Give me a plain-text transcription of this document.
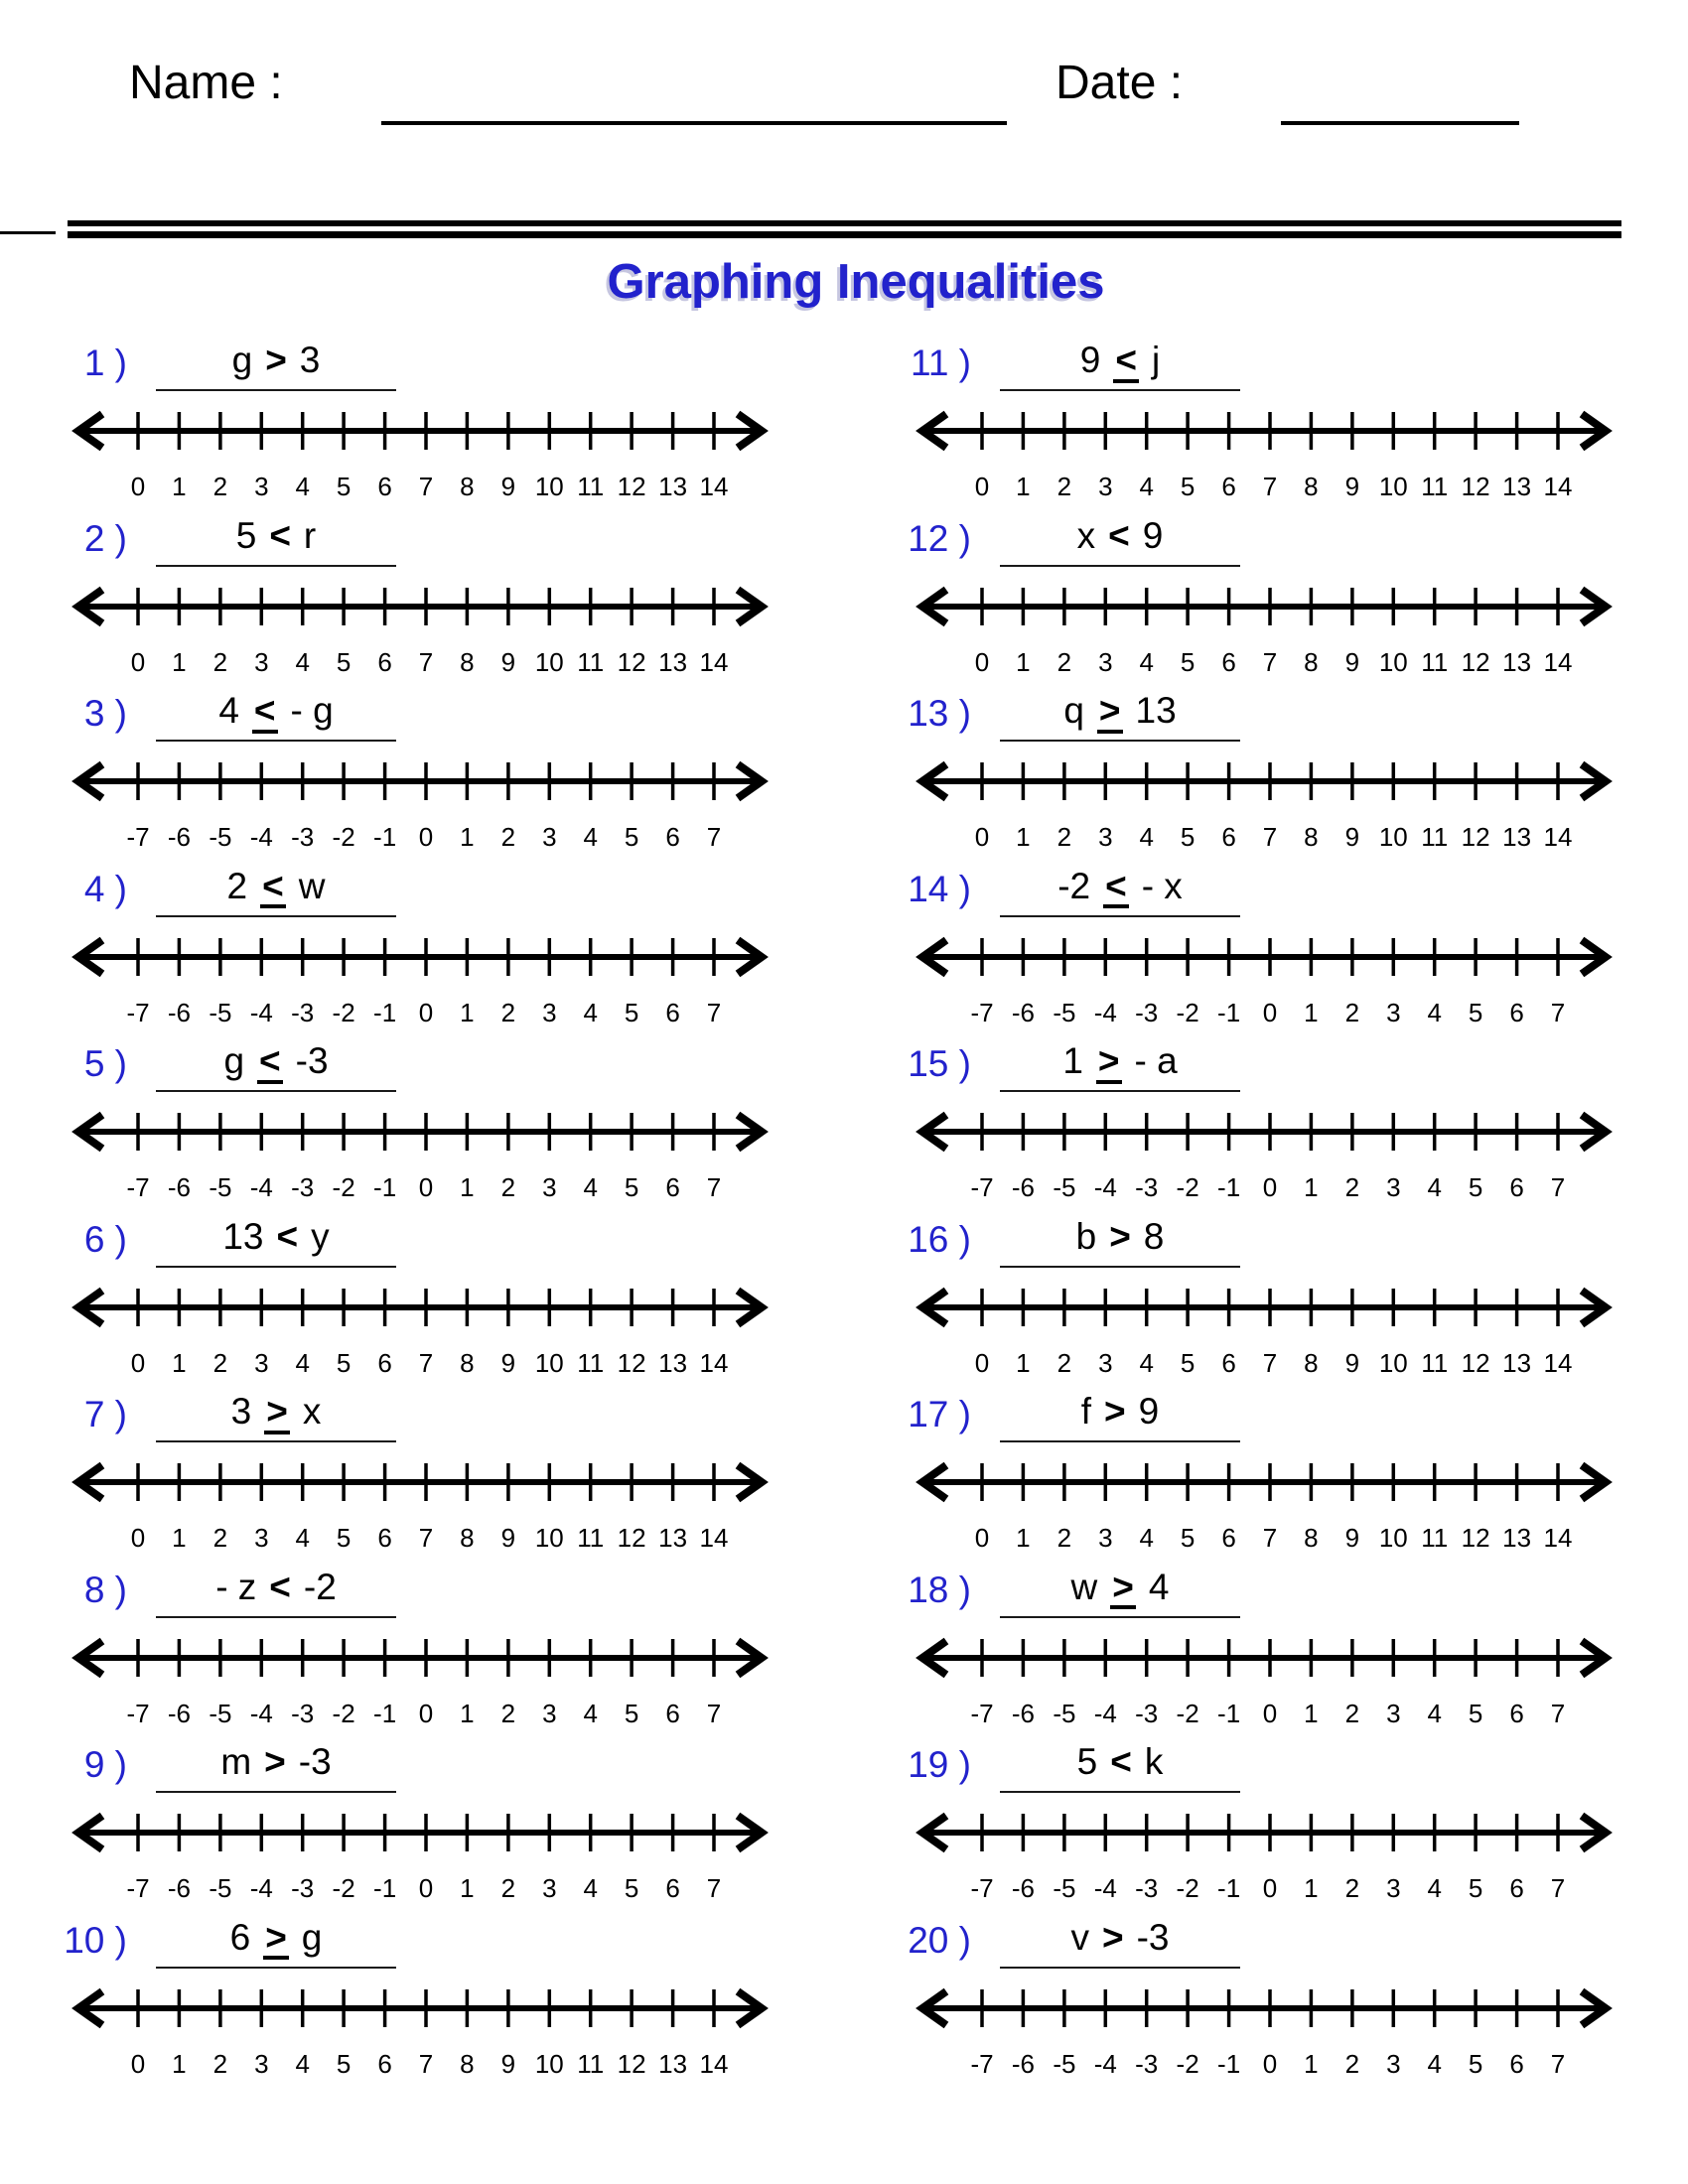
Name :	Date :
Graphing Inequalities
1 )	g > 3
0 1 2 3 4 5 6 7 8 9 10 11 12 13 14
2 )	5 < r
0 1 2 3 4 5 6 7 8 9 10 11 12 13 14
3 )	4 < - g
-7 -6 -5 -4 -3 -2 -1 0 1 2 3 4 5 6 7
4 )	2 < w
-7 -6 -5 -4 -3 -2 -1 0 1 2 3 4 5 6 7
5 )	g < -3
-7 -6 -5 -4 -3 -2 -1 0 1 2 3 4 5 6 7
6 )	13 < y
0 1 2 3 4 5 6 7 8 9 10 11 12 13 14
7 )	3 > x
0 1 2 3 4 5 6 7 8 9 10 11 12 13 14
8 )	- z < -2
-7 -6 -5 -4 -3 -2 -1 0 1 2 3 4 5 6 7
9 )	m > -3
-7 -6 -5 -4 -3 -2 -1 0 1 2 3 4 5 6 7
10 )	6 > g
0 1 2 3 4 5 6 7 8 9 10 11 12 13 14
11 )	9 < j
0 1 2 3 4 5 6 7 8 9 10 11 12 13 14
12 )	x < 9
0 1 2 3 4 5 6 7 8 9 10 11 12 13 14
13 )	q > 13
0 1 2 3 4 5 6 7 8 9 10 11 12 13 14
14 )	-2 < - x
-7 -6 -5 -4 -3 -2 -1 0 1 2 3 4 5 6 7
15 )	1 > - a
-7 -6 -5 -4 -3 -2 -1 0 1 2 3 4 5 6 7
16 )	b > 8
0 1 2 3 4 5 6 7 8 9 10 11 12 13 14
17 )	f > 9
0 1 2 3 4 5 6 7 8 9 10 11 12 13 14
18 )	w > 4
-7 -6 -5 -4 -3 -2 -1 0 1 2 3 4 5 6 7
19 )	5 < k
-7 -6 -5 -4 -3 -2 -1 0 1 2 3 4 5 6 7
20 )	v > -3
-7 -6 -5 -4 -3 -2 -1 0 1 2 3 4 5 6 7
